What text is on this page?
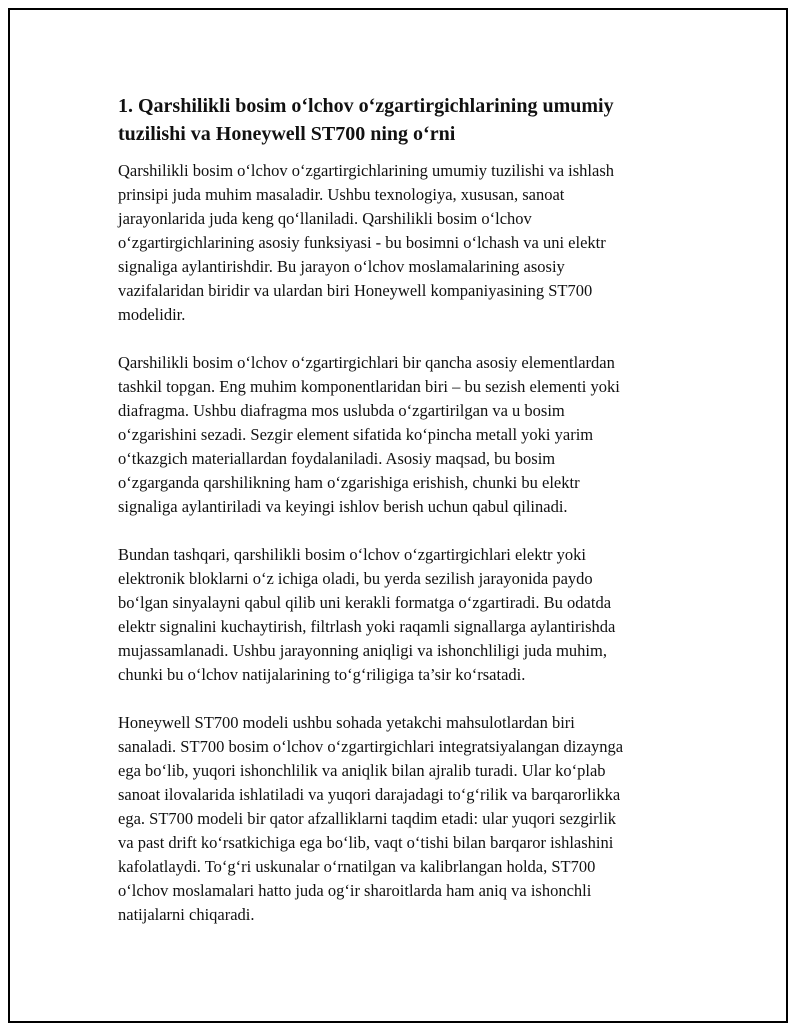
1. Qarshilikli bosim o‘lchov o‘zgartirgichlarining umumiy
tuzilishi va Honeywell ST700 ning o‘rni

Qarshilikli bosim o‘lchov o‘zgartirgichlarining umumiy tuzilishi va ishlash
prinsipi juda muhim masaladir. Ushbu texnologiya, xususan, sanoat
jarayonlarida juda keng qo‘llaniladi. Qarshilikli bosim o‘lchov
o‘zgartirgichlarining asosiy funksiyasi - bu bosimni o‘lchash va uni elektr
signaliga aylantirishdir. Bu jarayon o‘lchov moslamalarining asosiy
vazifalaridan biridir va ulardan biri Honeywell kompaniyasining ST700
modelidir.

Qarshilikli bosim o‘lchov o‘zgartirgichlari bir qancha asosiy elementlardan
tashkil topgan. Eng muhim komponentlaridan biri – bu sezish elementi yoki
diafragma. Ushbu diafragma mos uslubda o‘zgartirilgan va u bosim
o‘zgarishini sezadi. Sezgir element sifatida ko‘pincha metall yoki yarim
o‘tkazgich materiallardan foydalaniladi. Asosiy maqsad, bu bosim
o‘zgarganda qarshilikning ham o‘zgarishiga erishish, chunki bu elektr
signaliga aylantiriladi va keyingi ishlov berish uchun qabul qilinadi.

Bundan tashqari, qarshilikli bosim o‘lchov o‘zgartirgichlari elektr yoki
elektronik bloklarni o‘z ichiga oladi, bu yerda sezilish jarayonida paydo
bo‘lgan sinyalayni qabul qilib uni kerakli formatga o‘zgartiradi. Bu odatda
elektr signalini kuchaytirish, filtrlash yoki raqamli signallarga aylantirishda
mujassamlanadi. Ushbu jarayonning aniqligi va ishonchliligi juda muhim,
chunki bu o‘lchov natijalarining to‘g‘riligiga ta’sir ko‘rsatadi.

Honeywell ST700 modeli ushbu sohada yetakchi mahsulotlardan biri
sanaladi. ST700 bosim o‘lchov o‘zgartirgichlari integratsiyalangan dizaynga
ega bo‘lib, yuqori ishonchlilik va aniqlik bilan ajralib turadi. Ular ko‘plab
sanoat ilovalarida ishlatiladi va yuqori darajadagi to‘g‘rilik va barqarorlikka
ega. ST700 modeli bir qator afzalliklarni taqdim etadi: ular yuqori sezgirlik
va past drift ko‘rsatkichiga ega bo‘lib, vaqt o‘tishi bilan barqaror ishlashini
kafolatlaydi. To‘g‘ri uskunalar o‘rnatilgan va kalibrlangan holda, ST700
o‘lchov moslamalari hatto juda og‘ir sharoitlarda ham aniq va ishonchli
natijalarni chiqaradi.
